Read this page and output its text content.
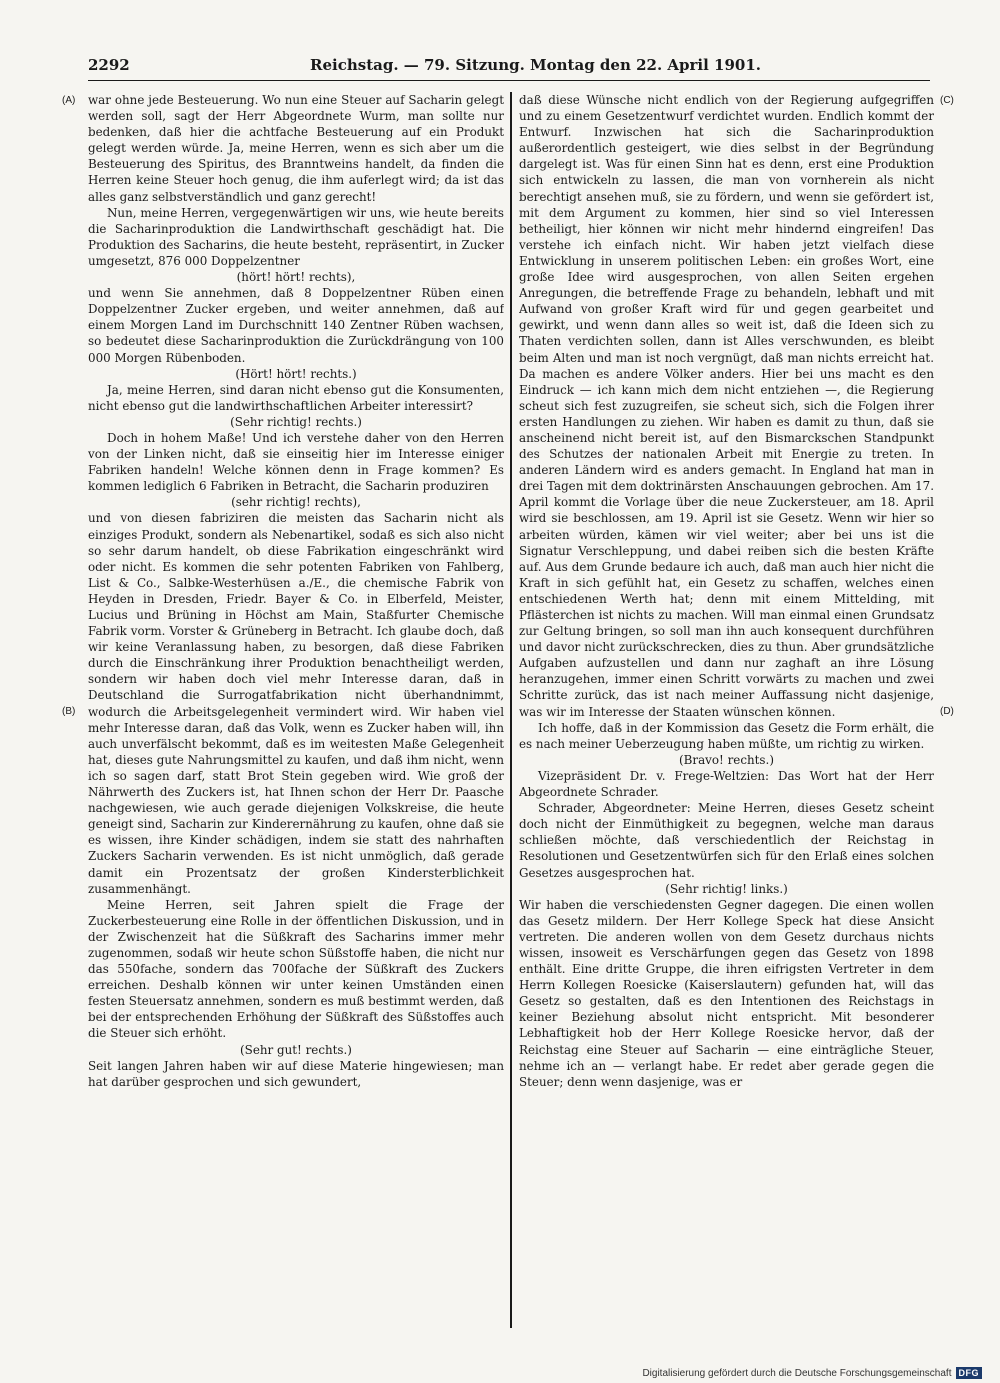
2292	Reichstag. — 79. Sitzung. Montag den 22. April 1901.
(A)
(B)
(C)
(D)

war ohne jede Besteuerung. Wo nun eine Steuer auf Sacharin gelegt werden soll, sagt der Herr Abgeordnete Wurm, man sollte nur bedenken, daß hier die achtfache Besteuerung auf ein Produkt gelegt werden würde. Ja, meine Herren, wenn es sich aber um die Besteuerung des Spiritus, des Branntweins handelt, da finden die Herren keine Steuer hoch genug, die ihm auferlegt wird; da ist das alles ganz selbstverständlich und ganz gerecht!

Nun, meine Herren, vergegenwärtigen wir uns, wie heute bereits die Sacharinproduktion die Landwirthschaft geschädigt hat. Die Produktion des Sacharins, die heute besteht, repräsentirt, in Zucker umgesetzt, 876 000 Doppelzentner

(hört! hört! rechts),

und wenn Sie annehmen, daß 8 Doppelzentner Rüben einen Doppelzentner Zucker ergeben, und weiter annehmen, daß auf einem Morgen Land im Durchschnitt 140 Zentner Rüben wachsen, so bedeutet diese Sacharinproduktion die Zurückdrängung von 100 000 Morgen Rübenboden.

(Hört! hört! rechts.)

Ja, meine Herren, sind daran nicht ebenso gut die Konsumenten, nicht ebenso gut die landwirthschaftlichen Arbeiter interessirt?

(Sehr richtig! rechts.)

Doch in hohem Maße! Und ich verstehe daher von den Herren von der Linken nicht, daß sie einseitig hier im Interesse einiger Fabriken handeln! Welche können denn in Frage kommen? Es kommen lediglich 6 Fabriken in Betracht, die Sacharin produziren

(sehr richtig! rechts),

und von diesen fabriziren die meisten das Sacharin nicht als einziges Produkt, sondern als Nebenartikel, sodaß es sich also nicht so sehr darum handelt, ob diese Fabrikation eingeschränkt wird oder nicht. Es kommen die sehr potenten Fabriken von Fahlberg, List & Co., Salbke-Westerhüsen a./E., die chemische Fabrik von Heyden in Dresden, Friedr. Bayer & Co. in Elberfeld, Meister, Lucius und Brüning in Höchst am Main, Staßfurter Chemische Fabrik vorm. Vorster & Grüneberg in Betracht. Ich glaube doch, daß wir keine Veranlassung haben, zu besorgen, daß diese Fabriken durch die Einschränkung ihrer Produktion benachtheiligt werden, sondern wir haben doch viel mehr Interesse daran, daß in Deutschland die Surrogatfabrikation nicht überhandnimmt, wodurch die Arbeitsgelegenheit vermindert wird. Wir haben viel mehr Interesse daran, daß das Volk, wenn es Zucker haben will, ihn auch unverfälscht bekommt, daß es im weitesten Maße Gelegenheit hat, dieses gute Nahrungsmittel zu kaufen, und daß ihm nicht, wenn ich so sagen darf, statt Brot Stein gegeben wird. Wie groß der Nährwerth des Zuckers ist, hat Ihnen schon der Herr Dr. Paasche nachgewiesen, wie auch gerade diejenigen Volkskreise, die heute geneigt sind, Sacharin zur Kinderernährung zu kaufen, ohne daß sie es wissen, ihre Kinder schädigen, indem sie statt des nahrhaften Zuckers Sacharin verwenden. Es ist nicht unmöglich, daß gerade damit ein Prozentsatz der großen Kindersterblichkeit zusammenhängt.

Meine Herren, seit Jahren spielt die Frage der Zuckerbesteuerung eine Rolle in der öffentlichen Diskussion, und in der Zwischenzeit hat die Süßkraft des Sacharins immer mehr zugenommen, sodaß wir heute schon Süßstoffe haben, die nicht nur das 550fache, sondern das 700fache der Süßkraft des Zuckers erreichen. Deshalb können wir unter keinen Umständen einen festen Steuersatz annehmen, sondern es muß bestimmt werden, daß bei der entsprechenden Erhöhung der Süßkraft des Süßstoffes auch die Steuer sich erhöht.

(Sehr gut! rechts.)

Seit langen Jahren haben wir auf diese Materie hingewiesen; man hat darüber gesprochen und sich gewundert,

daß diese Wünsche nicht endlich von der Regierung aufgegriffen und zu einem Gesetzentwurf verdichtet wurden. Endlich kommt der Entwurf. Inzwischen hat sich die Sacharinproduktion außerordentlich gesteigert, wie dies selbst in der Begründung dargelegt ist. Was für einen Sinn hat es denn, erst eine Produktion sich entwickeln zu lassen, die man von vornherein als nicht berechtigt ansehen muß, sie zu fördern, und wenn sie gefördert ist, mit dem Argument zu kommen, hier sind so viel Interessen betheiligt, hier können wir nicht mehr hindernd eingreifen! Das verstehe ich einfach nicht. Wir haben jetzt vielfach diese Entwicklung in unserem politischen Leben: ein großes Wort, eine große Idee wird ausgesprochen, von allen Seiten ergehen Anregungen, die betreffende Frage zu behandeln, lebhaft und mit Aufwand von großer Kraft wird für und gegen gearbeitet und gewirkt, und wenn dann alles so weit ist, daß die Ideen sich zu Thaten verdichten sollen, dann ist Alles verschwunden, es bleibt beim Alten und man ist noch vergnügt, daß man nichts erreicht hat. Da machen es andere Völker anders. Hier bei uns macht es den Eindruck — ich kann mich dem nicht entziehen —, die Regierung scheut sich fest zuzugreifen, sie scheut sich, sich die Folgen ihrer ersten Handlungen zu ziehen. Wir haben es damit zu thun, daß sie anscheinend nicht bereit ist, auf den Bismarckschen Standpunkt des Schutzes der nationalen Arbeit mit Energie zu treten. In anderen Ländern wird es anders gemacht. In England hat man in drei Tagen mit dem doktrinärsten Anschauungen gebrochen. Am 17. April kommt die Vorlage über die neue Zuckersteuer, am 18. April wird sie beschlossen, am 19. April ist sie Gesetz. Wenn wir hier so arbeiten würden, kämen wir viel weiter; aber bei uns ist die Signatur Verschleppung, und dabei reiben sich die besten Kräfte auf. Aus dem Grunde bedaure ich auch, daß man auch hier nicht die Kraft in sich gefühlt hat, ein Gesetz zu schaffen, welches einen entschiedenen Werth hat; denn mit einem Mittelding, mit Pflästerchen ist nichts zu machen. Will man einmal einen Grundsatz zur Geltung bringen, so soll man ihn auch konsequent durchführen und davor nicht zurückschrecken, dies zu thun. Aber grundsätzliche Aufgaben aufzustellen und dann nur zaghaft an ihre Lösung heranzugehen, immer einen Schritt vorwärts zu machen und zwei Schritte zurück, das ist nach meiner Auffassung nicht dasjenige, was wir im Interesse der Staaten wünschen können.

Ich hoffe, daß in der Kommission das Gesetz die Form erhält, die es nach meiner Ueberzeugung haben müßte, um richtig zu wirken.

(Bravo! rechts.)

Vizepräsident Dr. v. Frege-Weltzien: Das Wort hat der Herr Abgeordnete Schrader.

Schrader, Abgeordneter: Meine Herren, dieses Gesetz scheint doch nicht der Einmüthigkeit zu begegnen, welche man daraus schließen möchte, daß verschiedentlich der Reichstag in Resolutionen und Gesetzentwürfen sich für den Erlaß eines solchen Gesetzes ausgesprochen hat.

(Sehr richtig! links.)

Wir haben die verschiedensten Gegner dagegen. Die einen wollen das Gesetz mildern. Der Herr Kollege Speck hat diese Ansicht vertreten. Die anderen wollen von dem Gesetz durchaus nichts wissen, insoweit es Verschärfungen gegen das Gesetz von 1898 enthält. Eine dritte Gruppe, die ihren eifrigsten Vertreter in dem Herrn Kollegen Roesicke (Kaiserslautern) gefunden hat, will das Gesetz so gestalten, daß es den Intentionen des Reichstags in keiner Beziehung absolut nicht entspricht. Mit besonderer Lebhaftigkeit hob der Herr Kollege Roesicke hervor, daß der Reichstag eine Steuer auf Sacharin — eine einträgliche Steuer, nehme ich an — verlangt habe. Er redet aber gerade gegen die Steuer; denn wenn dasjenige, was er

Digitalisierung gefördert durch die Deutsche Forschungsgemeinschaft DFG
